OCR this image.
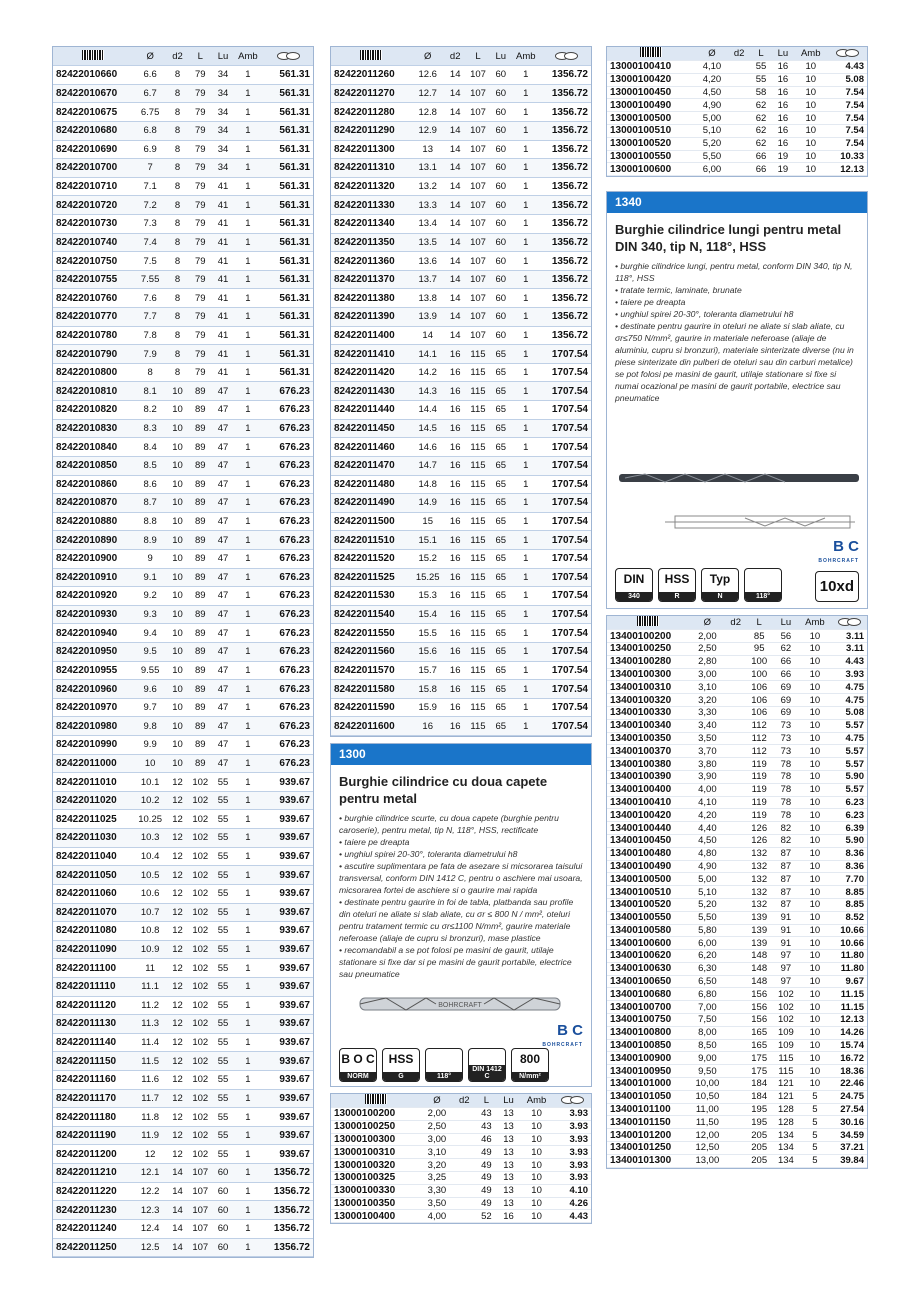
	Ø	d2	L	Lu	Amb	
82422010660	6.6	8	79	34	1	561.31
82422010670	6.7	8	79	34	1	561.31
82422010675	6.75	8	79	34	1	561.31
82422010680	6.8	8	79	34	1	561.31
82422010690	6.9	8	79	34	1	561.31
82422010700	7	8	79	34	1	561.31
82422010710	7.1	8	79	41	1	561.31
82422010720	7.2	8	79	41	1	561.31
82422010730	7.3	8	79	41	1	561.31
82422010740	7.4	8	79	41	1	561.31
82422010750	7.5	8	79	41	1	561.31
82422010755	7.55	8	79	41	1	561.31
82422010760	7.6	8	79	41	1	561.31
82422010770	7.7	8	79	41	1	561.31
82422010780	7.8	8	79	41	1	561.31
82422010790	7.9	8	79	41	1	561.31
82422010800	8	8	79	41	1	561.31
82422010810	8.1	10	89	47	1	676.23
82422010820	8.2	10	89	47	1	676.23
82422010830	8.3	10	89	47	1	676.23
82422010840	8.4	10	89	47	1	676.23
82422010850	8.5	10	89	47	1	676.23
82422010860	8.6	10	89	47	1	676.23
82422010870	8.7	10	89	47	1	676.23
82422010880	8.8	10	89	47	1	676.23
82422010890	8.9	10	89	47	1	676.23
82422010900	9	10	89	47	1	676.23
82422010910	9.1	10	89	47	1	676.23
82422010920	9.2	10	89	47	1	676.23
82422010930	9.3	10	89	47	1	676.23
82422010940	9.4	10	89	47	1	676.23
82422010950	9.5	10	89	47	1	676.23
82422010955	9.55	10	89	47	1	676.23
82422010960	9.6	10	89	47	1	676.23
82422010970	9.7	10	89	47	1	676.23
82422010980	9.8	10	89	47	1	676.23
82422010990	9.9	10	89	47	1	676.23
82422011000	10	10	89	47	1	676.23
82422011010	10.1	12	102	55	1	939.67
82422011020	10.2	12	102	55	1	939.67
82422011025	10.25	12	102	55	1	939.67
82422011030	10.3	12	102	55	1	939.67
82422011040	10.4	12	102	55	1	939.67
82422011050	10.5	12	102	55	1	939.67
82422011060	10.6	12	102	55	1	939.67
82422011070	10.7	12	102	55	1	939.67
82422011080	10.8	12	102	55	1	939.67
82422011090	10.9	12	102	55	1	939.67
82422011100	11	12	102	55	1	939.67
82422011110	11.1	12	102	55	1	939.67
82422011120	11.2	12	102	55	1	939.67
82422011130	11.3	12	102	55	1	939.67
82422011140	11.4	12	102	55	1	939.67
82422011150	11.5	12	102	55	1	939.67
82422011160	11.6	12	102	55	1	939.67
82422011170	11.7	12	102	55	1	939.67
82422011180	11.8	12	102	55	1	939.67
82422011190	11.9	12	102	55	1	939.67
82422011200	12	12	102	55	1	939.67
82422011210	12.1	14	107	60	1	1356.72
82422011220	12.2	14	107	60	1	1356.72
82422011230	12.3	14	107	60	1	1356.72
82422011240	12.4	14	107	60	1	1356.72
82422011250	12.5	14	107	60	1	1356.72
	Ø	d2	L	Lu	Amb	
82422011260	12.6	14	107	60	1	1356.72
82422011270	12.7	14	107	60	1	1356.72
82422011280	12.8	14	107	60	1	1356.72
82422011290	12.9	14	107	60	1	1356.72
82422011300	13	14	107	60	1	1356.72
82422011310	13.1	14	107	60	1	1356.72
82422011320	13.2	14	107	60	1	1356.72
82422011330	13.3	14	107	60	1	1356.72
82422011340	13.4	14	107	60	1	1356.72
82422011350	13.5	14	107	60	1	1356.72
82422011360	13.6	14	107	60	1	1356.72
82422011370	13.7	14	107	60	1	1356.72
82422011380	13.8	14	107	60	1	1356.72
82422011390	13.9	14	107	60	1	1356.72
82422011400	14	14	107	60	1	1356.72
82422011410	14.1	16	115	65	1	1707.54
82422011420	14.2	16	115	65	1	1707.54
82422011430	14.3	16	115	65	1	1707.54
82422011440	14.4	16	115	65	1	1707.54
82422011450	14.5	16	115	65	1	1707.54
82422011460	14.6	16	115	65	1	1707.54
82422011470	14.7	16	115	65	1	1707.54
82422011480	14.8	16	115	65	1	1707.54
82422011490	14.9	16	115	65	1	1707.54
82422011500	15	16	115	65	1	1707.54
82422011510	15.1	16	115	65	1	1707.54
82422011520	15.2	16	115	65	1	1707.54
82422011525	15.25	16	115	65	1	1707.54
82422011530	15.3	16	115	65	1	1707.54
82422011540	15.4	16	115	65	1	1707.54
82422011550	15.5	16	115	65	1	1707.54
82422011560	15.6	16	115	65	1	1707.54
82422011570	15.7	16	115	65	1	1707.54
82422011580	15.8	16	115	65	1	1707.54
82422011590	15.9	16	115	65	1	1707.54
82422011600	16	16	115	65	1	1707.54
1300
Burghie cilindrice cu doua capete pentru metal
• burghie cilindrice scurte, cu doua capete (burghie pentru caroserie), pentru metal, tip N, 118°, HSS, rectificate
• taiere pe dreapta
• unghiul spirei 20-30°, toleranta diametrului h8
• ascutire suplimentara pe fata de asezare si micsorarea taisului transversal, conform DIN 1412 C, pentru o aschiere mai usoara, micsorarea fortei de aschiere si o gaurire mai rapida
• destinate pentru gaurire in foi de tabla, platbanda sau profile din oteluri ne aliate si slab aliate, cu σr ≤ 800 N / mm², oteluri pentru tratament termic cu σr≤1100 N/mm², gaurire materiale neferoase (aliaje de cupru si bronzuri), mase plastice
• recomandabil a se pot folosi pe masini de gaurit, utilaje stationare si fixe dar si pe masini de gaurit portabile, electrice sau pneumatice
BOHRCRAFT
B C
BOHRCRAFT
B O C
NORM
HSS
G	118°
DIN 1412 C
800
N/mm²
	Ø	d2	L	Lu	Amb	
13000100200	2,00		43	13	10	3.93
13000100250	2,50		43	13	10	3.93
13000100300	3,00		46	13	10	3.93
13000100310	3,10		49	13	10	3.93
13000100320	3,20		49	13	10	3.93
13000100325	3,25		49	13	10	3.93
13000100330	3,30		49	13	10	4.10
13000100350	3,50		49	13	10	4.26
13000100400	4,00		52	16	10	4.43
	Ø	d2	L	Lu	Amb	
13000100410	4,10		55	16	10	4.43
13000100420	4,20		55	16	10	5.08
13000100450	4,50		58	16	10	7.54
13000100490	4,90		62	16	10	7.54
13000100500	5,00		62	16	10	7.54
13000100510	5,10		62	16	10	7.54
13000100520	5,20		62	16	10	7.54
13000100550	5,50		66	19	10	10.33
13000100600	6,00		66	19	10	12.13
1340
Burghie cilindrice lungi pentru metal DIN 340, tip N, 118°, HSS
• burghie cilindrice lungi, pentru metal, conform DIN 340, tip N, 118°, HSS
• tratate termic, laminate, brunate
• taiere pe dreapta
• unghiul spirei 20-30°, toleranta diametrului h8
• destinate pentru gaurire in oteluri ne aliate si slab aliate, cu σr≤750 N/mm², gaurire in materiale neferoase (aliaje de aluminiu, cupru si bronzuri), materiale sinterizate diverse (nu in piese sinterizate din pulberi de oteluri sau din carburi metalice) se pot folosi pe masini de gaurit, utilaje stationare si fixe si numai ocazional pe masini de gaurit portabile, electrice sau pneumatice
B C
BOHRCRAFT
DIN
340
HSS
R
Typ
N	118°
10xd
	Ø	d2	L	Lu	Amb	
13400100200	2,00		85	56	10	3.11
13400100250	2,50		95	62	10	3.11
13400100280	2,80		100	66	10	4.43
13400100300	3,00		100	66	10	3.93
13400100310	3,10		106	69	10	4.75
13400100320	3,20		106	69	10	4.75
13400100330	3,30		106	69	10	5.08
13400100340	3,40		112	73	10	5.57
13400100350	3,50		112	73	10	4.75
13400100370	3,70		112	73	10	5.57
13400100380	3,80		119	78	10	5.57
13400100390	3,90		119	78	10	5.90
13400100400	4,00		119	78	10	5.57
13400100410	4,10		119	78	10	6.23
13400100420	4,20		119	78	10	6.23
13400100440	4,40		126	82	10	6.39
13400100450	4,50		126	82	10	5.90
13400100480	4,80		132	87	10	8.36
13400100490	4,90		132	87	10	8.36
13400100500	5,00		132	87	10	7.70
13400100510	5,10		132	87	10	8.85
13400100520	5,20		132	87	10	8.85
13400100550	5,50		139	91	10	8.52
13400100580	5,80		139	91	10	10.66
13400100600	6,00		139	91	10	10.66
13400100620	6,20		148	97	10	11.80
13400100630	6,30		148	97	10	11.80
13400100650	6,50		148	97	10	9.67
13400100680	6,80		156	102	10	11.15
13400100700	7,00		156	102	10	11.15
13400100750	7,50		156	102	10	12.13
13400100800	8,00		165	109	10	14.26
13400100850	8,50		165	109	10	15.74
13400100900	9,00		175	115	10	16.72
13400100950	9,50		175	115	10	18.36
13400101000	10,00		184	121	10	22.46
13400101050	10,50		184	121	5	24.75
13400101100	11,00		195	128	5	27.54
13400101150	11,50		195	128	5	30.16
13400101200	12,00		205	134	5	34.59
13400101250	12,50		205	134	5	37.21
13400101300	13,00		205	134	5	39.84
